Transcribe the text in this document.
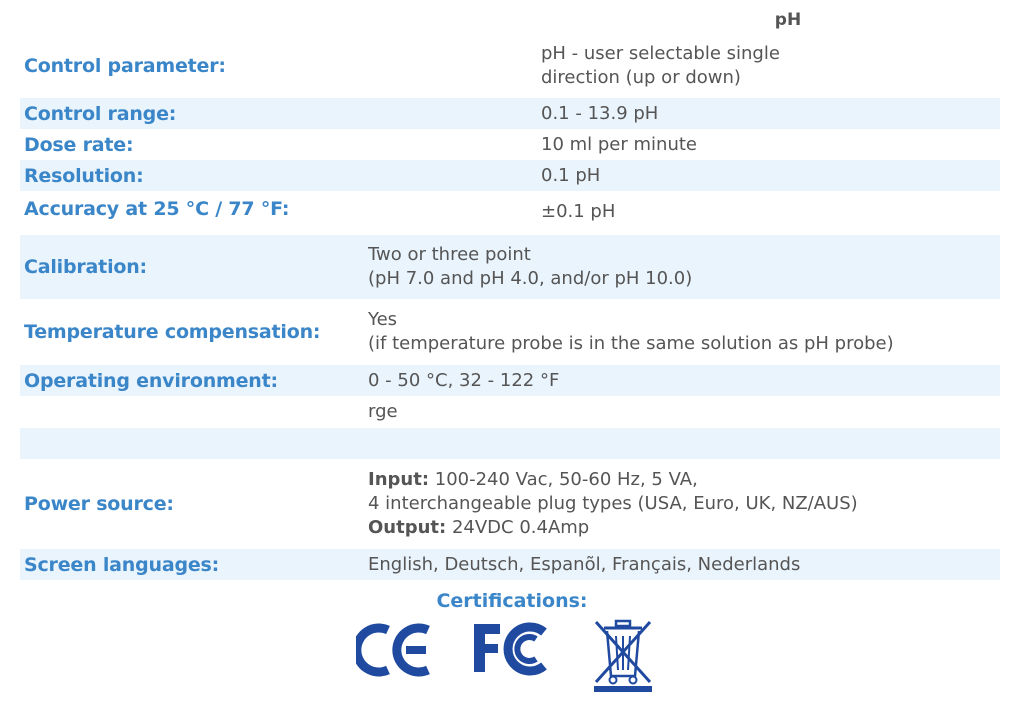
pH
Control parameter:
pH - user selectable single
direction (up or down)
Control range:	0.1 - 13.9 pH
Dose rate:	10 ml per minute
Resolution:	0.1 pH
Accuracy at 25 °C / 77 °F:	±0.1 pH
Calibration:
Two or three point
(pH 7.0 and pH 4.0, and/or pH 10.0)
Temperature compensation:
Yes
(if temperature probe is in the same solution as pH probe)
Operating environment:	0 - 50 °C, 32 - 122 °F
rge
Power source:
Input: 100-240 Vac, 50-60 Hz, 5 VA,
4 interchangeable plug types (USA, Euro, UK, NZ/AUS)
Output: 24VDC 0.4Amp
Screen languages:	English, Deutsch, Espanõl, Français, Nederlands
Certifications:
